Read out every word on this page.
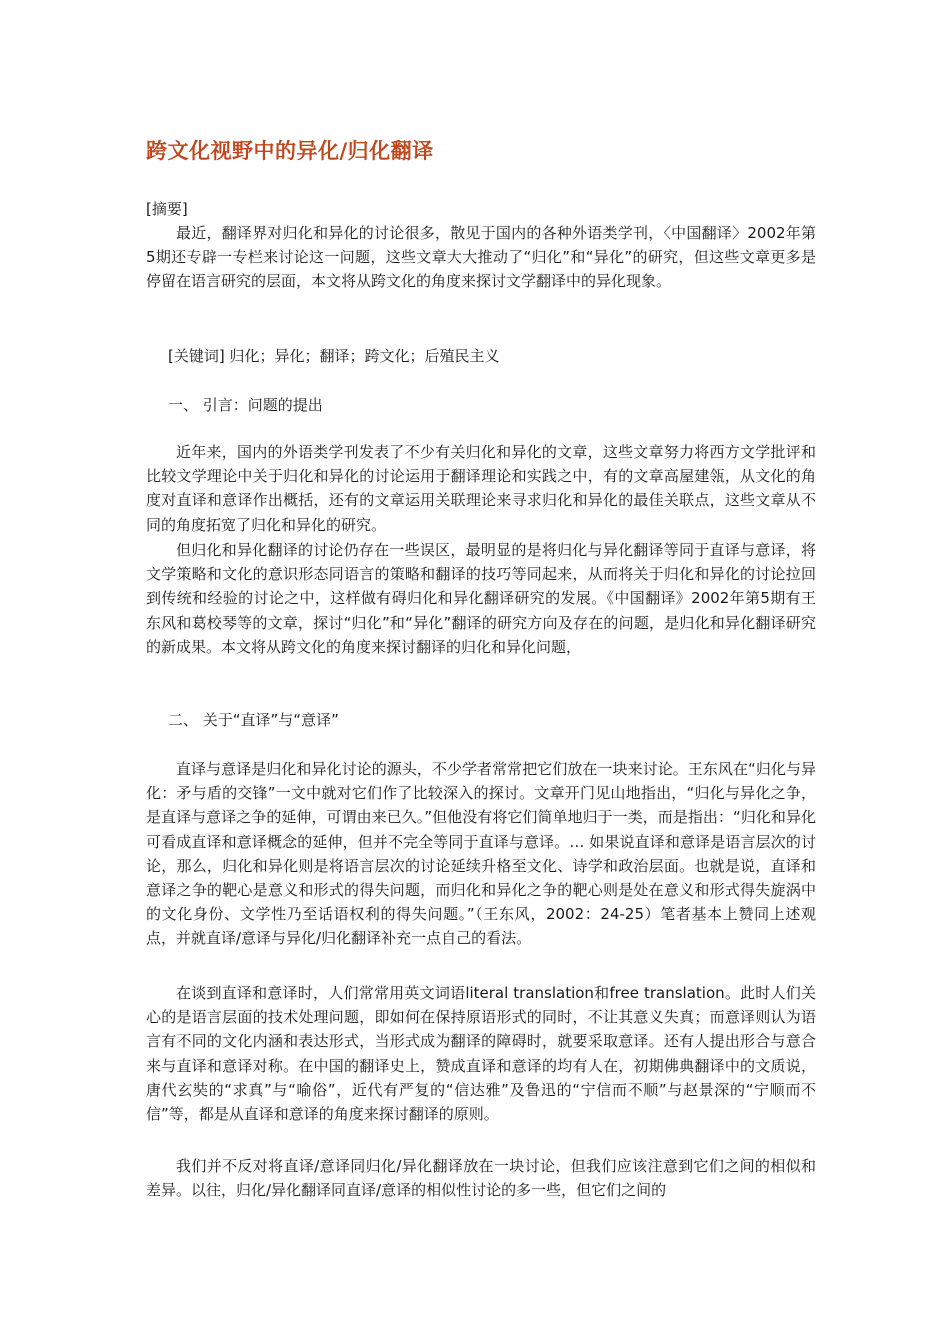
跨文化视野中的异化/归化翻译
[摘要]

最近，翻译界对归化和异化的讨论很多，散见于国内的各种外语类学刊，〈中国翻译〉2002年第5期还专辟一专栏来讨论这一问题，这些文章大大推动了“归化”和“异化”的研究，但这些文章更多是停留在语言研究的层面，本文将从跨文化的角度来探讨文学翻译中的异化现象。

[关键词] 归化；异化；翻译；跨文化；后殖民主义
一、 引言：问题的提出

近年来，国内的外语类学刊发表了不少有关归化和异化的文章，这些文章努力将西方文学批评和比较文学理论中关于归化和异化的讨论运用于翻译理论和实践之中，有的文章高屋建瓴，从文化的角度对直译和意译作出概括，还有的文章运用关联理论来寻求归化和异化的最佳关联点，这些文章从不同的角度拓宽了归化和异化的研究。

但归化和异化翻译的讨论仍存在一些误区，最明显的是将归化与异化翻译等同于直译与意译，将文学策略和文化的意识形态同语言的策略和翻译的技巧等同起来，从而将关于归化和异化的讨论拉回到传统和经验的讨论之中，这样做有碍归化和异化翻译研究的发展。《中国翻译》2002年第5期有王东风和葛校琴等的文章，探讨“归化”和“异化”翻译的研究方向及存在的问题，是归化和异化翻译研究的新成果。本文将从跨文化的角度来探讨翻译的归化和异化问题，

二、 关于“直译”与“意译”

直译与意译是归化和异化讨论的源头，不少学者常常把它们放在一块来讨论。王东风在“归化与异化：矛与盾的交锋”一文中就对它们作了比较深入的探讨。文章开门见山地指出，“归化与异化之争，是直译与意译之争的延伸，可谓由来已久。”但他没有将它们简单地归于一类，而是指出：“归化和异化可看成直译和意译概念的延伸，但并不完全等同于直译与意译。… 如果说直译和意译是语言层次的讨论，那么，归化和异化则是将语言层次的讨论延续升格至文化、诗学和政治层面。也就是说，直译和意译之争的靶心是意义和形式的得失问题，而归化和异化之争的靶心则是处在意义和形式得失旋涡中的文化身份、文学性乃至话语权利的得失问题。”（王东风，2002：24-25）笔者基本上赞同上述观点，并就直译/意译与异化/归化翻译补充一点自己的看法。

在谈到直译和意译时，人们常常用英文词语literal translation和free translation。此时人们关心的是语言层面的技术处理问题，即如何在保持原语形式的同时，不让其意义失真；而意译则认为语言有不同的文化内涵和表达形式，当形式成为翻译的障碍时，就要采取意译。还有人提出形合与意合来与直译和意译对称。在中国的翻译史上，赞成直译和意译的均有人在，初期佛典翻译中的文质说，唐代玄奘的“求真”与“喻俗”，近代有严复的“信达雅”及鲁迅的“宁信而不顺”与赵景深的“宁顺而不信”等，都是从直译和意译的角度来探讨翻译的原则。

我们并不反对将直译/意译同归化/异化翻译放在一块讨论，但我们应该注意到它们之间的相似和差异。以往，归化/异化翻译同直译/意译的相似性讨论的多一些，但它们之间的
